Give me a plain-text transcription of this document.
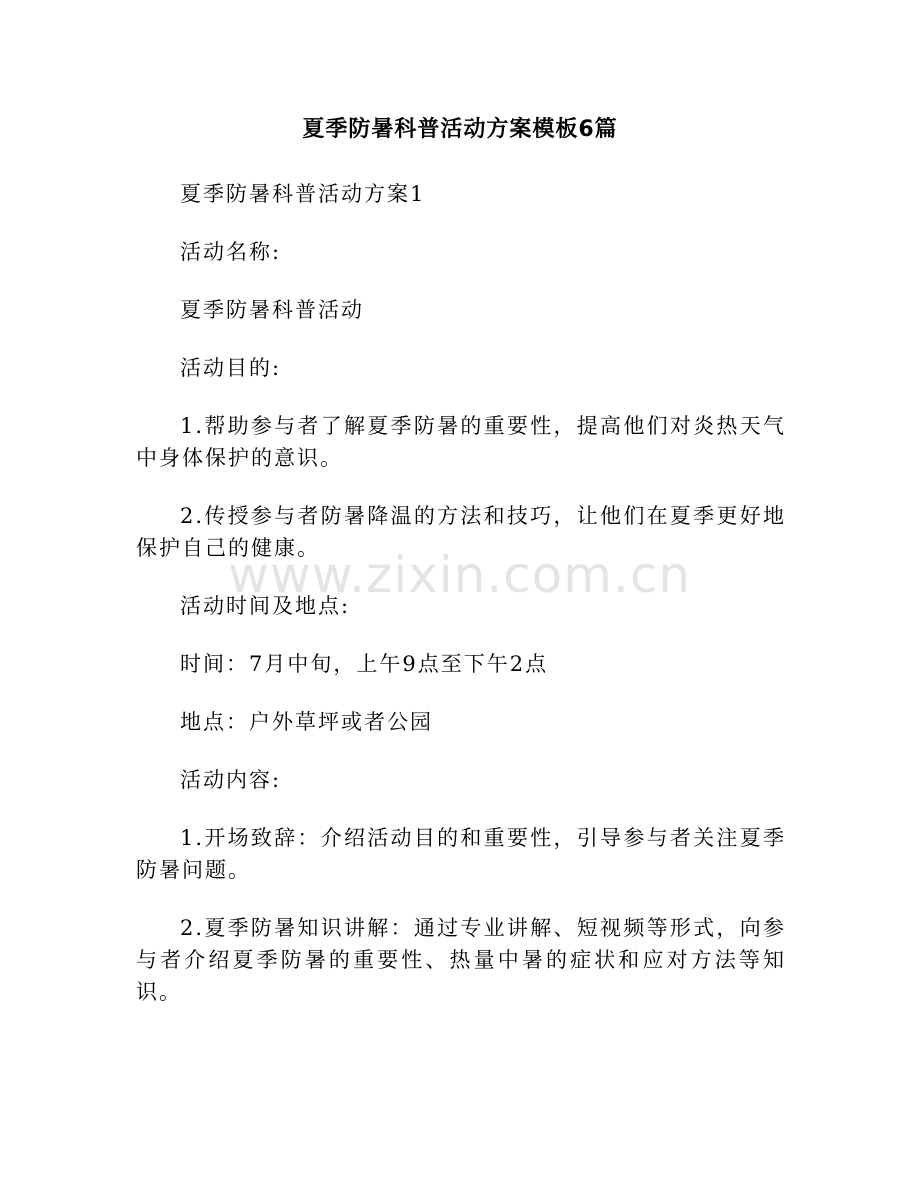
夏季防暑科普活动方案模板6篇

夏季防暑科普活动方案1

活动名称:

夏季防暑科普活动

活动目的:

1.帮助参与者了解夏季防暑的重要性，提高他们对炎热天气中身体保护的意识。

2.传授参与者防暑降温的方法和技巧，让他们在夏季更好地保护自己的健康。

活动时间及地点:

时间：7月中旬，上午9点至下午2点

地点：户外草坪或者公园

活动内容:

1.开场致辞：介绍活动目的和重要性，引导参与者关注夏季防暑问题。

2.夏季防暑知识讲解：通过专业讲解、短视频等形式，向参与者介绍夏季防暑的重要性、热量中暑的症状和应对方法等知识。

www.zixin.com.cn
